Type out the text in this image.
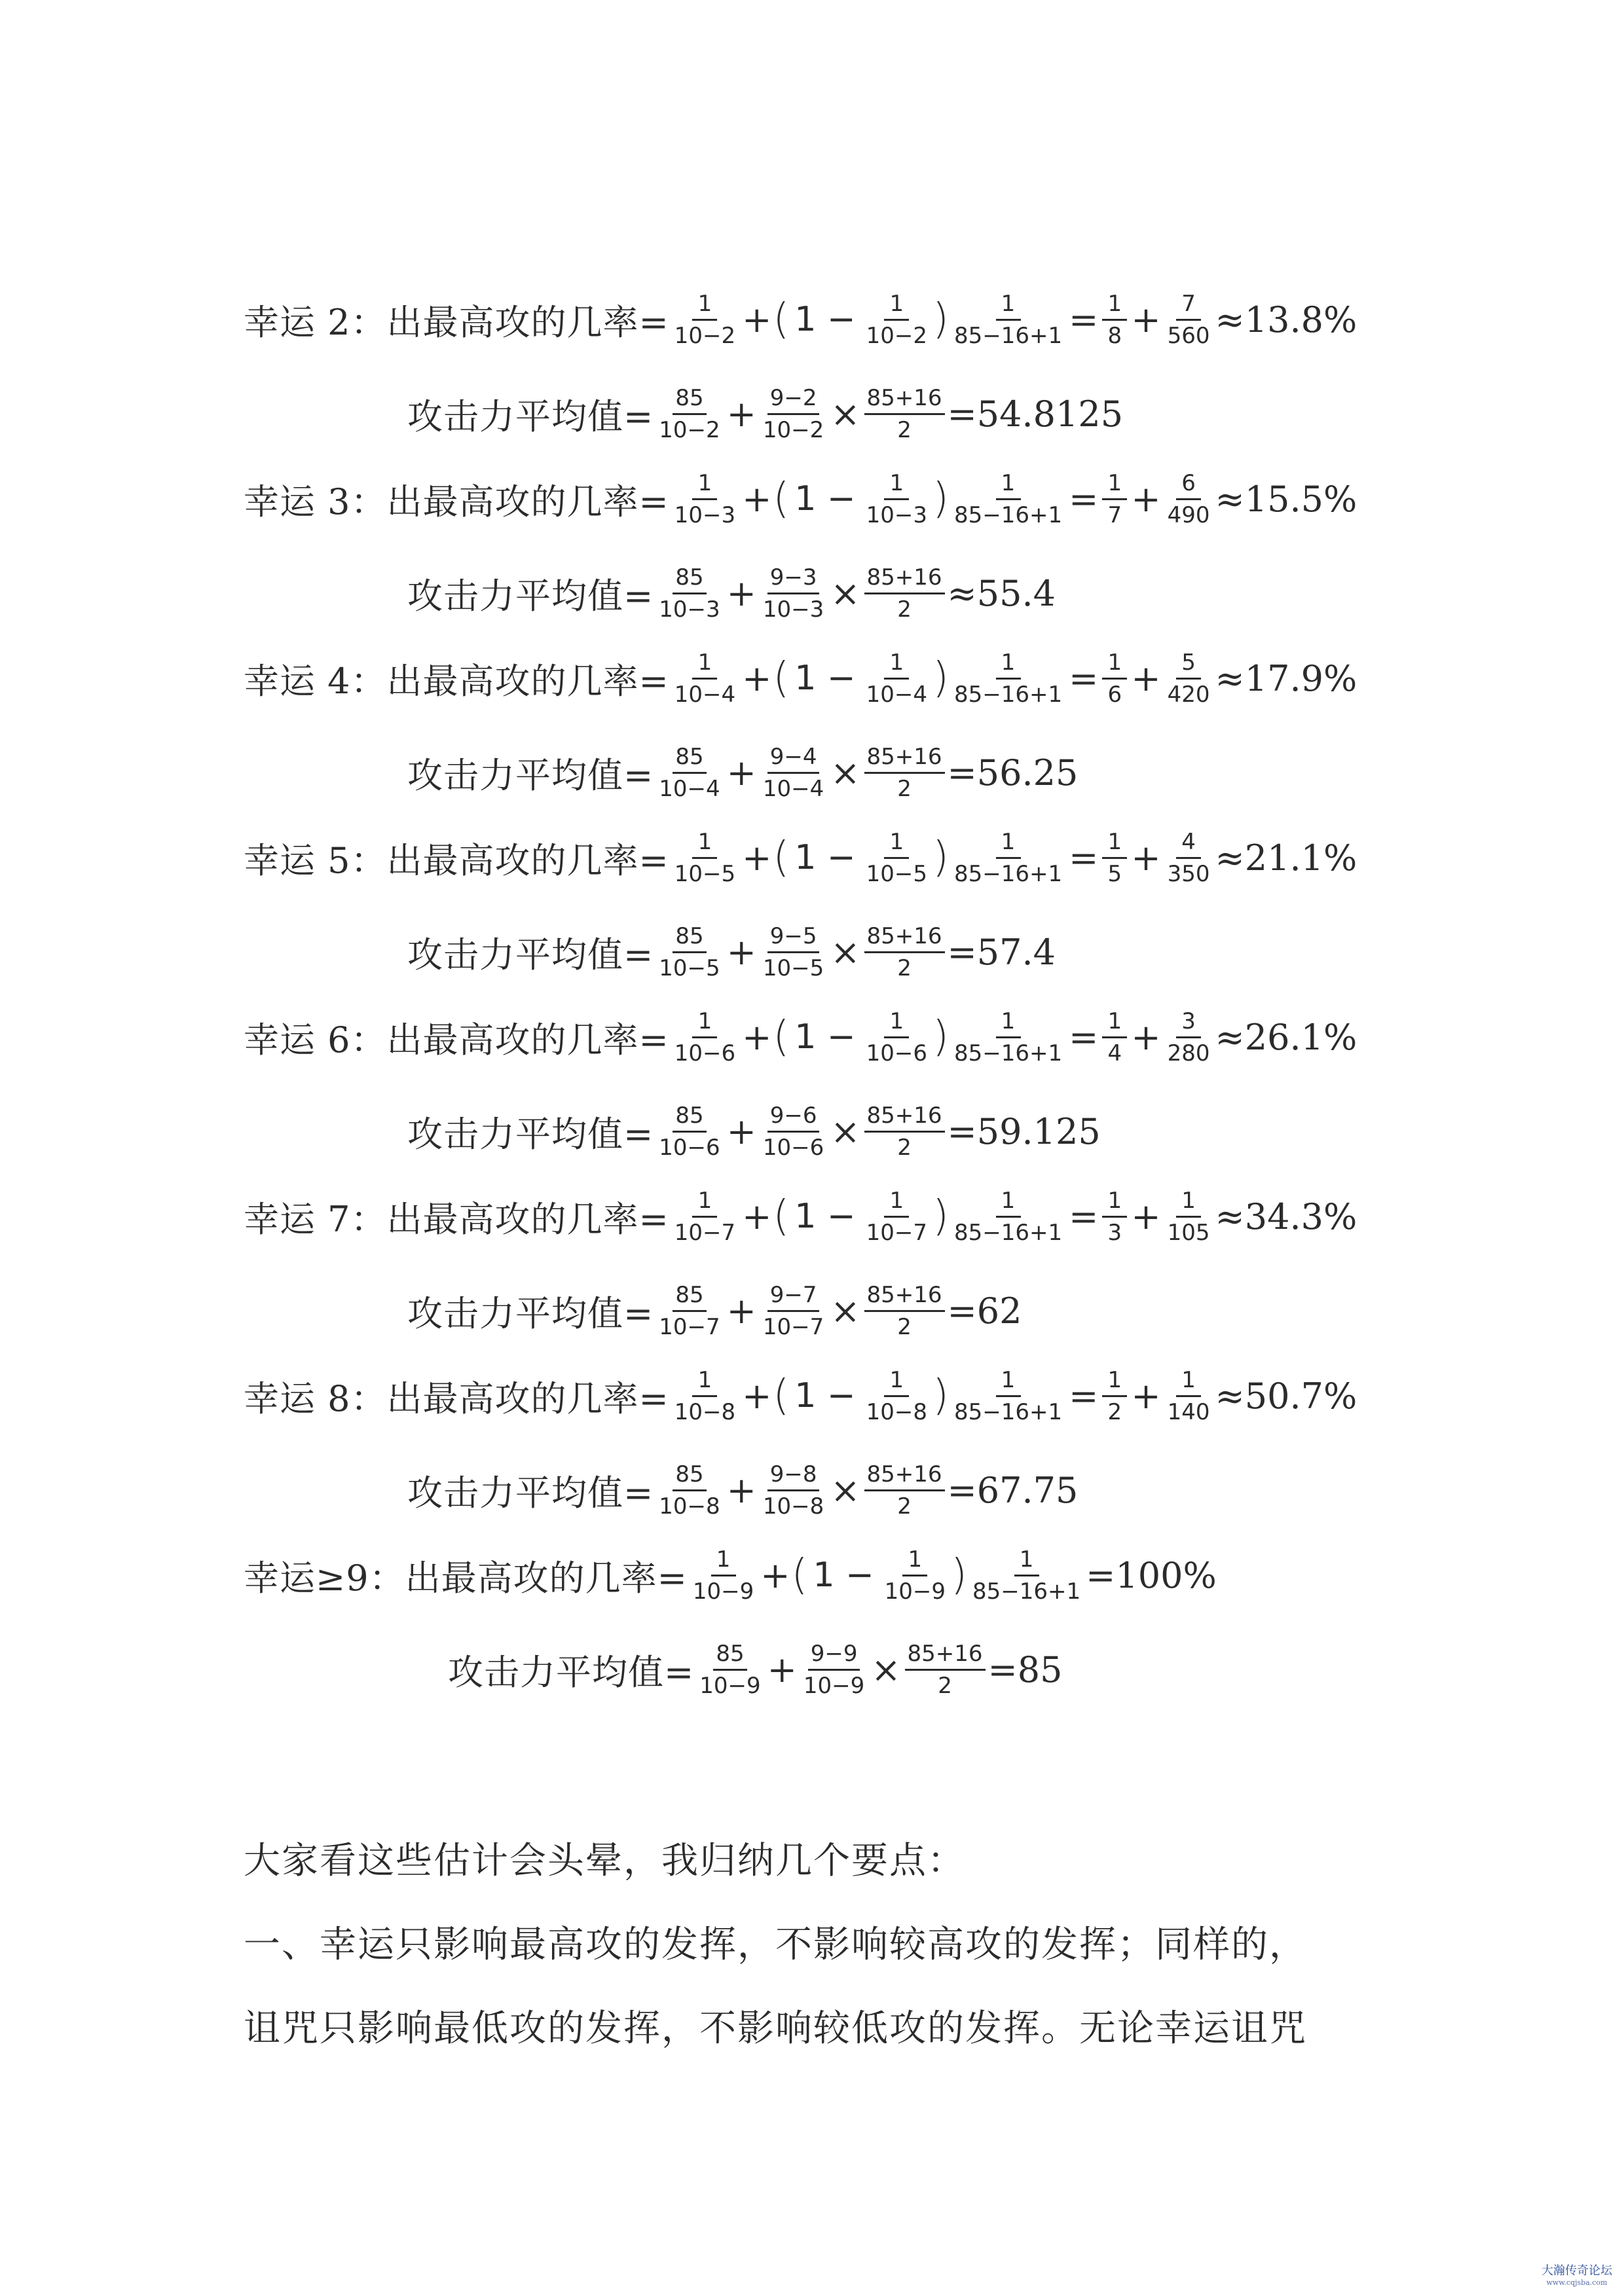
幸运 2：出最高攻的几率= $\frac{1}{10-2}$ + ( $1 - \frac{1}{10-2}$ ) $\frac{1}{85-16+1} = \frac{1}{8} + \frac{7}{560} \approx 13.8\%$
攻击力平均值= $\frac{85}{10-2} + \frac{9-2}{10-2} \times \frac{85+16}{2} =54.8125$
幸运 3：出最高攻的几率= $\frac{1}{10-3}$ + ( $1 - \frac{1}{10-3}$ ) $\frac{1}{85-16+1} = \frac{1}{7} + \frac{6}{490} \approx 15.5\%$
攻击力平均值= $\frac{85}{10-3} + \frac{9-3}{10-3} \times \frac{85+16}{2} \approx 55.4$
幸运 4：出最高攻的几率= $\frac{1}{10-4}$ + ( $1 - \frac{1}{10-4}$ ) $\frac{1}{85-16+1} = \frac{1}{6} + \frac{5}{420} \approx 17.9\%$
攻击力平均值= $\frac{85}{10-4} + \frac{9-4}{10-4} \times \frac{85+16}{2} =56.25$
幸运 5：出最高攻的几率= $\frac{1}{10-5}$ + ( $1 - \frac{1}{10-5}$ ) $\frac{1}{85-16+1} = \frac{1}{5} + \frac{4}{350} \approx 21.1\%$
攻击力平均值= $\frac{85}{10-5} + \frac{9-5}{10-5} \times \frac{85+16}{2} =57.4$
幸运 6：出最高攻的几率= $\frac{1}{10-6}$ + ( $1 - \frac{1}{10-6}$ ) $\frac{1}{85-16+1} = \frac{1}{4} + \frac{3}{280} \approx 26.1\%$
攻击力平均值= $\frac{85}{10-6} + \frac{9-6}{10-6} \times \frac{85+16}{2} =59.125$
幸运 7：出最高攻的几率= $\frac{1}{10-7}$ + ( $1 - \frac{1}{10-7}$ ) $\frac{1}{85-16+1} = \frac{1}{3} + \frac{1}{105} \approx 34.3\%$
攻击力平均值= $\frac{85}{10-7} + \frac{9-7}{10-7} \times \frac{85+16}{2} =62$
幸运 8：出最高攻的几率= $\frac{1}{10-8}$ + ( $1 - \frac{1}{10-8}$ ) $\frac{1}{85-16+1} = \frac{1}{2} + \frac{1}{140} \approx 50.7\%$
攻击力平均值= $\frac{85}{10-8} + \frac{9-8}{10-8} \times \frac{85+16}{2} =67.75$
幸运≥9：出最高攻的几率= $\frac{1}{10-9}$ + ( $1 - \frac{1}{10-9}$ ) $\frac{1}{85-16+1} =100\%$
攻击力平均值= $\frac{85}{10-9} + \frac{9-9}{10-9} \times \frac{85+16}{2} =85$
大家看这些估计会头晕，我归纳几个要点：
一、幸运只影响最高攻的发挥，不影响较高攻的发挥；同样的，
诅咒只影响最低攻的发挥，不影响较低攻的发挥。无论幸运诅咒
大瀚传奇论坛
www.cqjsba.com
